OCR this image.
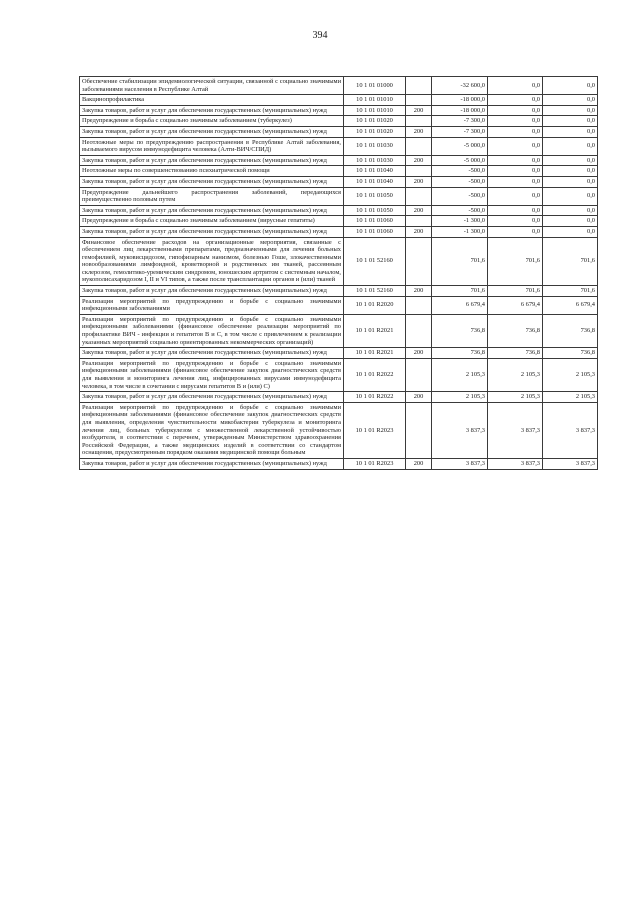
394
Обеспечение стабилизации эпидемиологической ситуации, связанной с социально значимыми заболеваниями населения в Республике Алтай	10 1 01 01000		-32 600,0	0,0	0,0
Вакцинопрофилактика	10 1 01 01010		-18 000,0	0,0	0,0
Закупка товаров, работ и услуг для обеспечения государственных (муниципальных) нужд	10 1 01 01010	200	-18 000,0	0,0	0,0
Предупреждение и борьба с социально значимым заболеванием (туберкулез)	10 1 01 01020		-7 300,0	0,0	0,0
Закупка товаров, работ и услуг для обеспечения государственных (муниципальных) нужд	10 1 01 01020	200	-7 300,0	0,0	0,0
Неотложные меры по предупреждению распространения в Республике Алтай заболевания, вызываемого вирусом иммунодефицита человека (Алти-ВИЧ/СПИД)	10 1 01 01030		-5 000,0	0,0	0,0
Закупка товаров, работ и услуг для обеспечения государственных (муниципальных) нужд	10 1 01 01030	200	-5 000,0	0,0	0,0
Неотложные меры по совершенствованию психиатрической помощи	10 1 01 01040		-500,0	0,0	0,0
Закупка товаров, работ и услуг для обеспечения государственных (муниципальных) нужд	10 1 01 01040	200	-500,0	0,0	0,0
Предупреждение дальнейшего распространения заболеваний, передающихся преимущественно половым путем	10 1 01 01050		-500,0	0,0	0,0
Закупка товаров, работ и услуг для обеспечения государственных (муниципальных) нужд	10 1 01 01050	200	-500,0	0,0	0,0
Предупреждение и борьба с социально значимым заболеванием (вирусные гепатиты)	10 1 01 01060		-1 300,0	0,0	0,0
Закупка товаров, работ и услуг для обеспечения государственных (муниципальных) нужд	10 1 01 01060	200	-1 300,0	0,0	0,0
Финансовое обеспечение расходов на организационные мероприятия, связанные с обеспечением лиц лекарственными препаратами, предназначенными для лечения больных гемофилией, муковисцидозом, гипофизарным нанизмом, болезнью Гоше, злокачественными новообразованиями лимфоидной, кроветворной и родственных им тканей, рассеянным склерозом, гемолитико-уремическим синдромом, юношеским артритом с системным началом, мукополисахаридозом I, II и VI типов, а также после трансплантации органов и (или) тканей	10 1 01 52160		701,6	701,6	701,6
Закупка товаров, работ и услуг для обеспечения государственных (муниципальных) нужд	10 1 01 52160	200	701,6	701,6	701,6
Реализация мероприятий по предупреждению и борьбе с социально значимыми инфекционными заболеваниями	10 1 01 R2020		6 679,4	6 679,4	6 679,4
Реализация мероприятий по предупреждению и борьбе с социально значимыми инфекционными заболеваниями (финансовое обеспечение реализации мероприятий по профилактике ВИЧ - инфекции и гепатитов В и С, в том числе с привлечением к реализации указанных мероприятий социально ориентированных некоммерческих организаций)	10 1 01 R2021		736,8	736,8	736,8
Закупка товаров, работ и услуг для обеспечения государственных (муниципальных) нужд	10 1 01 R2021	200	736,8	736,8	736,8
Реализация мероприятий по предупреждению и борьбе с социально значимыми инфекционными заболеваниями (финансовое обеспечение закупок диагностических средств для выявления и мониторинга лечения лиц, инфицированных вирусами иммунодефицита человека, в том числе в сочетании с вирусами гепатитов В и (или) С)	10 1 01 R2022		2 105,3	2 105,3	2 105,3
Закупка товаров, работ и услуг для обеспечения государственных (муниципальных) нужд	10 1 01 R2022	200	2 105,3	2 105,3	2 105,3
Реализация мероприятий по предупреждению и борьбе с социально значимыми инфекционными заболеваниями (финансовое обеспечение закупок диагностических средств для выявления, определения чувствительности микобактерии туберкулеза и мониторинга лечения лиц, больных туберкулезом с множественной лекарственной устойчивостью возбудителя, в соответствии с перечнем, утвержденным Министерством здравоохранения Российской Федерации, а также медицинских изделий в соответствии со стандартом оснащения, предусмотренным порядком оказания медицинской помощи больным	10 1 01 R2023		3 837,3	3 837,3	3 837,3
Закупка товаров, работ и услуг для обеспечения государственных (муниципальных) нужд	10 1 01 R2023	200	3 837,3	3 837,3	3 837,3
